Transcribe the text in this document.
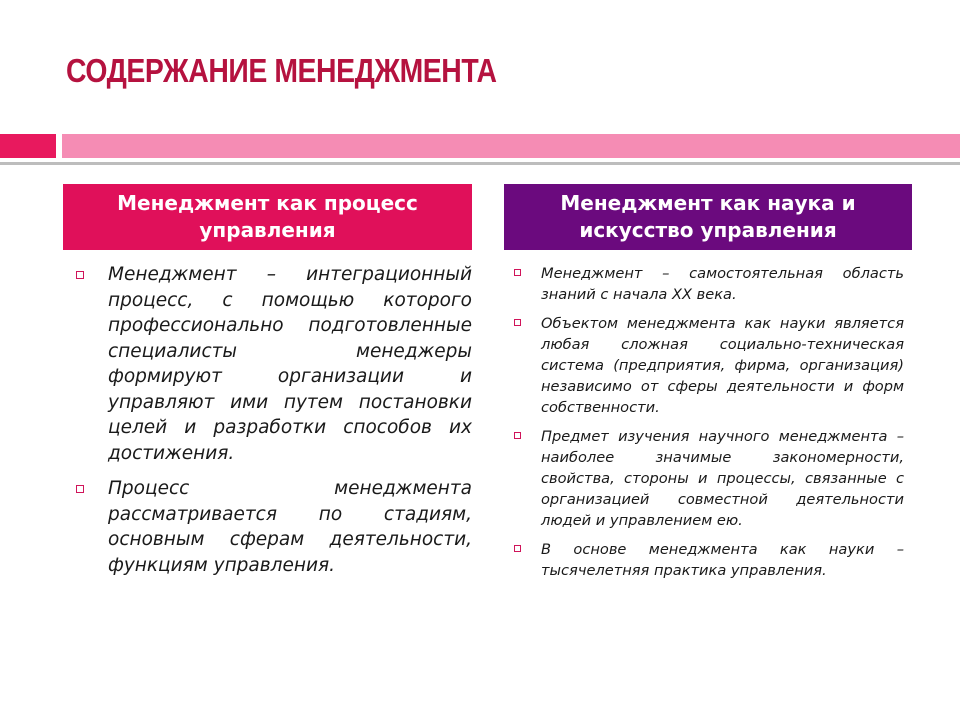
СОДЕРЖАНИЕ МЕНЕДЖМЕНТА
Менеджмент как процесс управления
Менеджмент как наука и искусство управления
Менеджмент – интеграционный процесс, с помощью которого профессионально подготовленные специалисты менеджеры формируют организации и управляют ими путем постановки целей и разработки способов их достижения.
Процесс менеджмента рассматривается по стадиям, основным сферам деятельности, функциям управления.
Менеджмент – самостоятельная область знаний с начала XX века.
Объектом менеджмента как науки является любая сложная социально-техническая система (предприятия, фирма, организация) независимо от сферы деятельности и форм собственности.
Предмет изучения научного менеджмента – наиболее значимые закономерности, свойства, стороны и процессы, связанные с организацией совместной деятельности людей и управлением ею.
В основе менеджмента как науки – тысячелетняя практика управления.
